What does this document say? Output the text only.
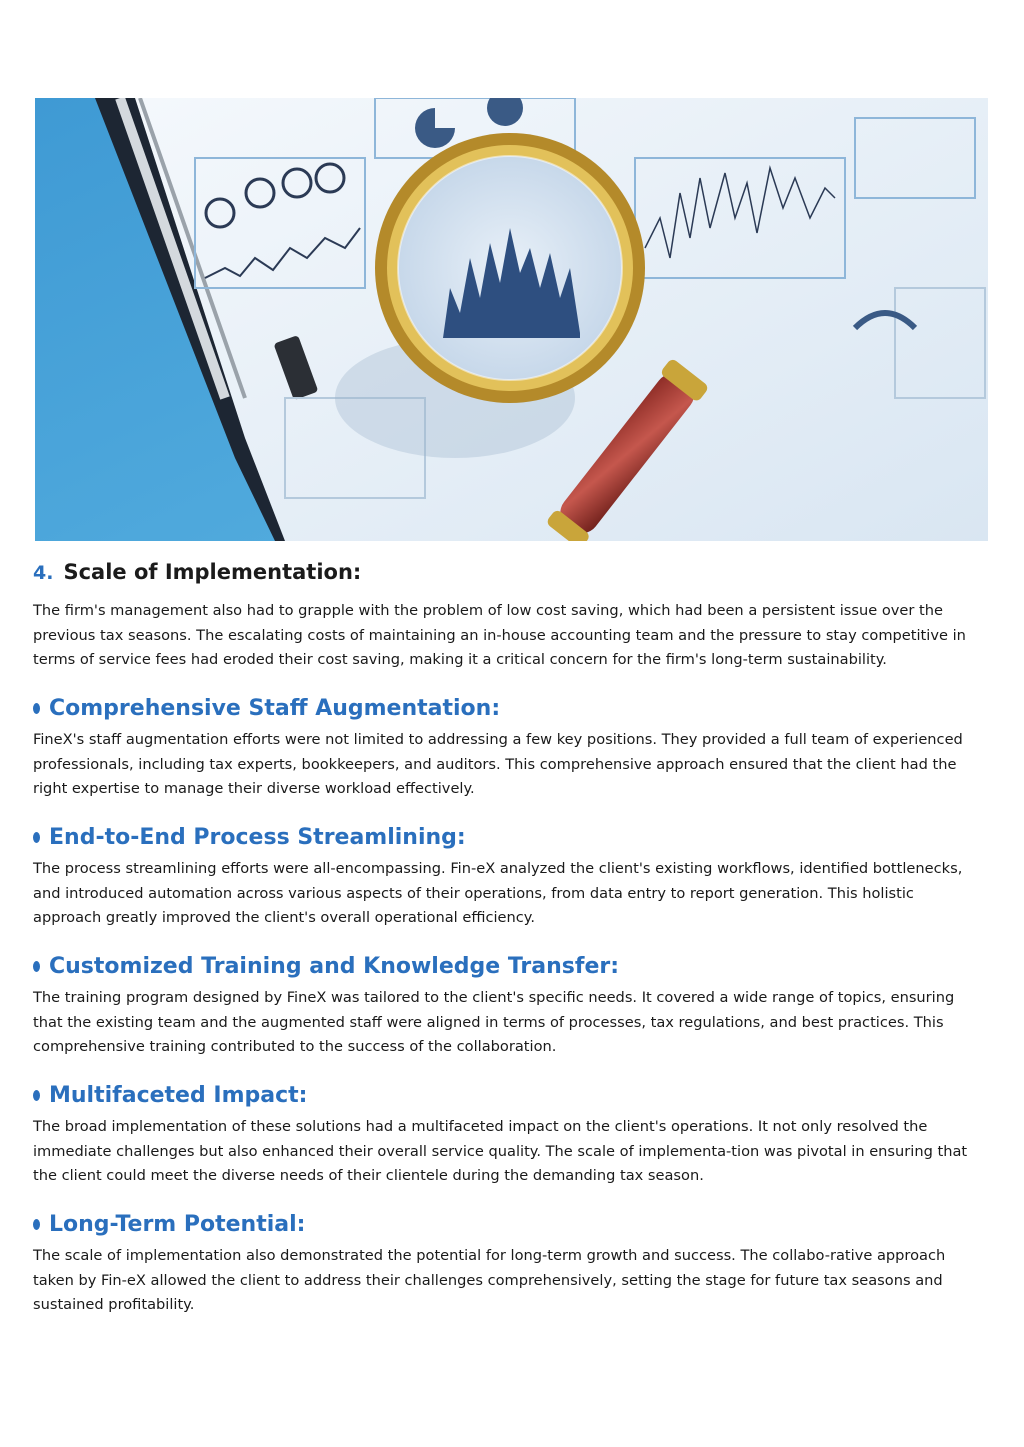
4. Scale of Implementation:

The firm's management also had to grapple with the problem of low cost saving, which had been a persistent issue over the previous tax seasons. The escalating costs of maintaining an in-house accounting team and the pressure to stay competitive in terms of service fees had eroded their cost saving, making it a critical concern for the firm's long-term sustainability.

Comprehensive Staff Augmentation:

FineX's staff augmentation efforts were not limited to addressing a few key positions. They provided a full team of experienced professionals, including tax experts, bookkeepers, and auditors. This comprehensive approach ensured that the client had the right expertise to manage their diverse workload effectively.

End-to-End Process Streamlining:

The process streamlining efforts were all-encompassing. Fin-eX analyzed the client's existing workflows, identified bottlenecks, and introduced automation across various aspects of their operations, from data entry to report generation. This holistic approach greatly improved the client's overall operational efficiency.

Customized Training and Knowledge Transfer:

The training program designed by FineX was tailored to the client's specific needs. It covered a wide range of topics, ensuring that the existing team and the augmented staff were aligned in terms of processes, tax regulations, and best practices. This comprehensive training contributed to the success of the collaboration.

Multifaceted Impact:

The broad implementation of these solutions had a multifaceted impact on the client's operations. It not only resolved the immediate challenges but also enhanced their overall service quality. The scale of implementa-tion was pivotal in ensuring that the client could meet the diverse needs of their clientele during the demanding tax season.

Long-Term Potential:

The scale of implementation also demonstrated the potential for long-term growth and success. The collabo-rative approach taken by Fin-eX allowed the client to address their challenges comprehensively, setting the stage for future tax seasons and sustained profitability.
